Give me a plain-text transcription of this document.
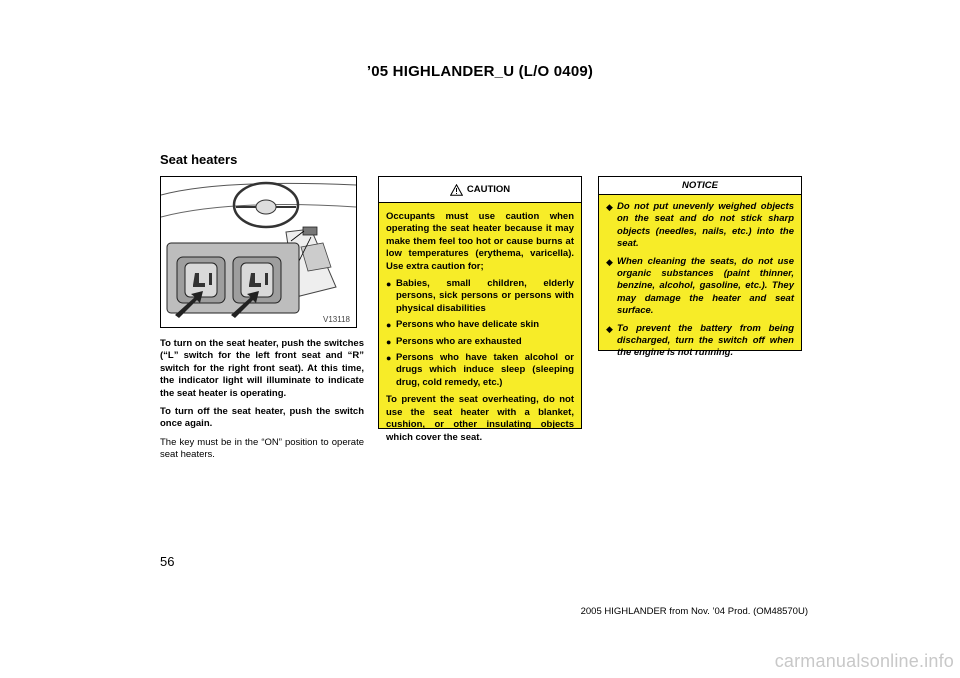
’05 HIGHLANDER_U (L/O 0409)
Seat heaters
V13118

To turn on the seat heater, push the switches (“L” switch for the left front seat and “R” switch for the right front seat). At this time, the indicator light will illuminate to indicate the seat heater is operating.

To turn off the seat heater, push the switch once again.

The key must be in the “ON” position to operate seat heaters.

CAUTION

Occupants must use caution when operating the seat heater because it may make them feel too hot or cause burns at low temperatures (erythema, varicella). Use extra caution for;

● Babies, small children, elderly persons, sick persons or persons with physical disabilities
● Persons who have delicate skin
● Persons who are exhausted
● Persons who have taken alcohol or drugs which induce sleep (sleeping drug, cold remedy, etc.)

To prevent the seat overheating, do not use the seat heater with a blanket, cushion, or other insulating objects which cover the seat.

NOTICE
◆ Do not put unevenly weighed objects on the seat and do not stick sharp objects (needles, nails, etc.) into the seat.
◆ When cleaning the seats, do not use organic substances (paint thinner, benzine, alcohol, gasoline, etc.). They may damage the heater and seat surface.
◆ To prevent the battery from being discharged, turn the switch off when the engine is not running.
56
2005 HIGHLANDER from Nov. ’04 Prod. (OM48570U)
carmanualsonline.info
